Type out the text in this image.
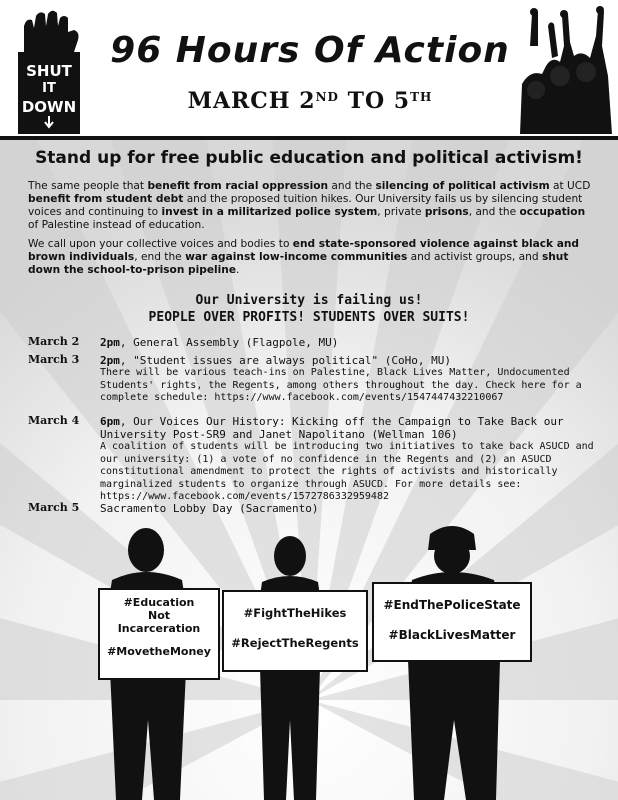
SHUT
IT
DOWN
96 Hours Of Action
MARCH 2ND TO 5TH
Stand up for free public education and political activism!

The same people that benefit from racial oppression and the silencing of political activism at UCD benefit from student debt and the proposed tuition hikes. Our University fails us by silencing student voices and continuing to invest in a militarized police system, private prisons, and the occupation of Palestine instead of education.

We call upon your collective voices and bodies to end state-sponsored violence against black and brown individuals, end the war against low-income communities and activist groups, and shut down the school-to-prison pipeline.

Our University is failing us!
PEOPLE OVER PROFITS! STUDENTS OVER SUITS!
March 2	2pm, General Assembly (Flagpole, MU)
March 3	2pm, "Student issues are always political" (CoHo, MU)
There will be various teach-ins on Palestine, Black Lives Matter, Undocumented Students' rights, the Regents, among others throughout the day. Check here for a complete schedule: https://www.facebook.com/events/1547447432210067
March 4	6pm, Our Voices Our History: Kicking off the Campaign to Take Back our University Post-SR9 and Janet Napolitano (Wellman 106)
A coalition of students will be introducing two initiatives to take back ASUCD and our university: (1) a vote of no confidence in the Regents and (2) an ASUCD constitutional amendment to protect the rights of activists and historically marginalized students to organize through ASUCD. For more details see: https://www.facebook.com/events/1572786332959482
March 5	Sacramento Lobby Day (Sacramento)
#Education
Not
Incarceration
#MovetheMoney
#FightTheHikes
#RejectTheRegents
#EndThePoliceState
#BlackLivesMatter
